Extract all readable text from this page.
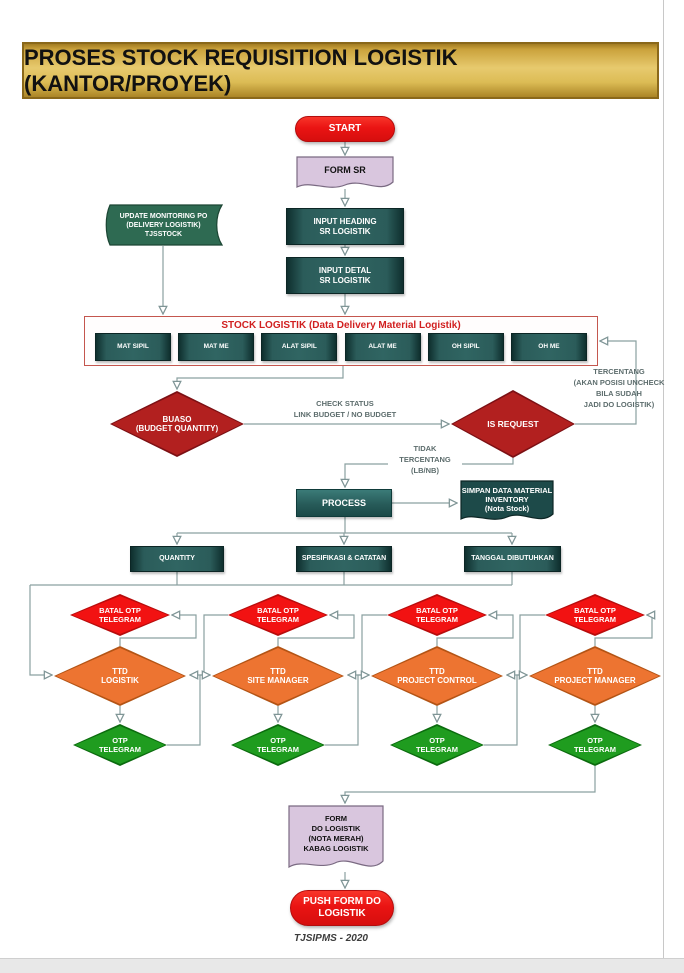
PROSES STOCK REQUISITION LOGISTIK (KANTOR/PROYEK)
START
FORM SR
UPDATE MONITORING PO
(DELIVERY LOGISTIK)
TJSSTOCK
INPUT HEADING
SR LOGISTIK
INPUT DETAL
SR LOGISTIK
STOCK LOGISTIK (Data Delivery Material Logistik)
MAT SIPIL	MAT ME	ALAT SIPIL	ALAT ME	OH SIPIL	OH ME
TERCENTANG
(AKAN POSISI UNCHECK
BILA SUDAH
JADI DO LOGISTIK)
BUASO
(BUDGET QUANTITY)
CHECK STATUS
LINK BUDGET / NO BUDGET
IS REQUEST
TIDAK
TERCENTANG
(LB/NB)
PROCESS
SIMPAN DATA MATERIAL
INVENTORY
(Nota Stock)
QUANTITY	SPESIFIKASI & CATATAN	TANGGAL DIBUTUHKAN
BATAL OTP
TELEGRAM
TTD
LOGISTIK
OTP
TELEGRAM
BATAL OTP
TELEGRAM
TTD
SITE MANAGER
OTP
TELEGRAM
BATAL OTP
TELEGRAM
TTD
PROJECT CONTROL
OTP
TELEGRAM
BATAL OTP
TELEGRAM
TTD
PROJECT MANAGER
OTP
TELEGRAM
FORM
DO LOGISTIK
(NOTA MERAH)
KABAG LOGISTIK
PUSH FORM DO
LOGISTIK
TJSIPMS - 2020
